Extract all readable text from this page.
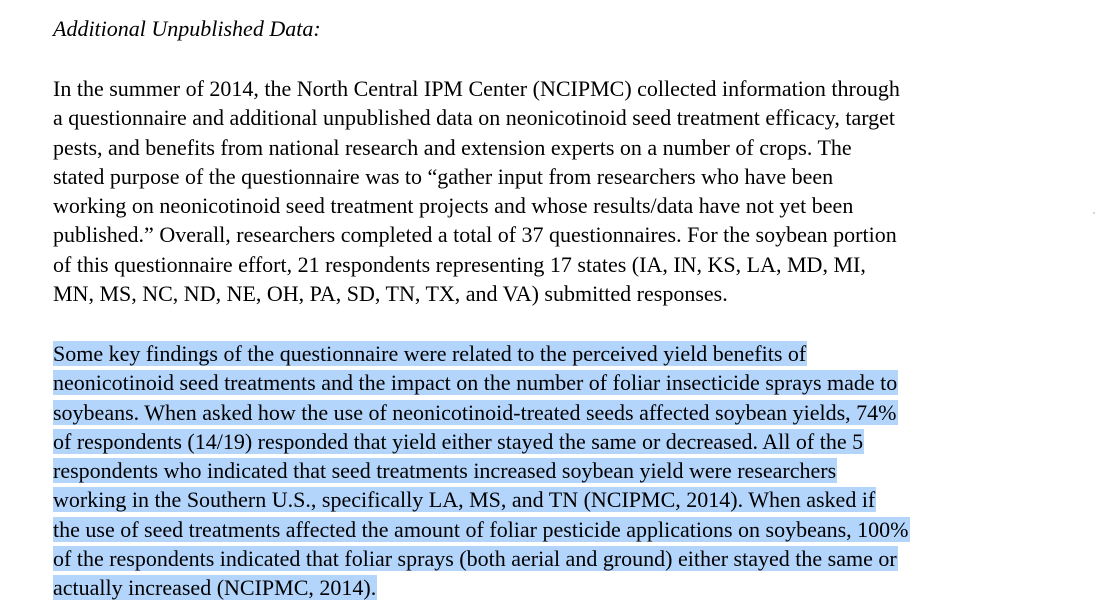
Additional Unpublished Data:
In the summer of 2014, the North Central IPM Center (NCIPMC) collected information through
a questionnaire and additional unpublished data on neonicotinoid seed treatment efficacy, target
pests, and benefits from national research and extension experts on a number of crops. The
stated purpose of the questionnaire was to “gather input from researchers who have been
working on neonicotinoid seed treatment projects and whose results/data have not yet been
published.” Overall, researchers completed a total of 37 questionnaires. For the soybean portion
of this questionnaire effort, 21 respondents representing 17 states (IA, IN, KS, LA, MD, MI,
MN, MS, NC, ND, NE, OH, PA, SD, TN, TX, and VA) submitted responses.
Some key findings of the questionnaire were related to the perceived yield benefits of
neonicotinoid seed treatments and the impact on the number of foliar insecticide sprays made to
soybeans. When asked how the use of neonicotinoid-treated seeds affected soybean yields, 74%
of respondents (14/19) responded that yield either stayed the same or decreased. All of the 5
respondents who indicated that seed treatments increased soybean yield were researchers
working in the Southern U.S., specifically LA, MS, and TN (NCIPMC, 2014). When asked if
the use of seed treatments affected the amount of foliar pesticide applications on soybeans, 100%
of the respondents indicated that foliar sprays (both aerial and ground) either stayed the same or
actually increased (NCIPMC, 2014).
